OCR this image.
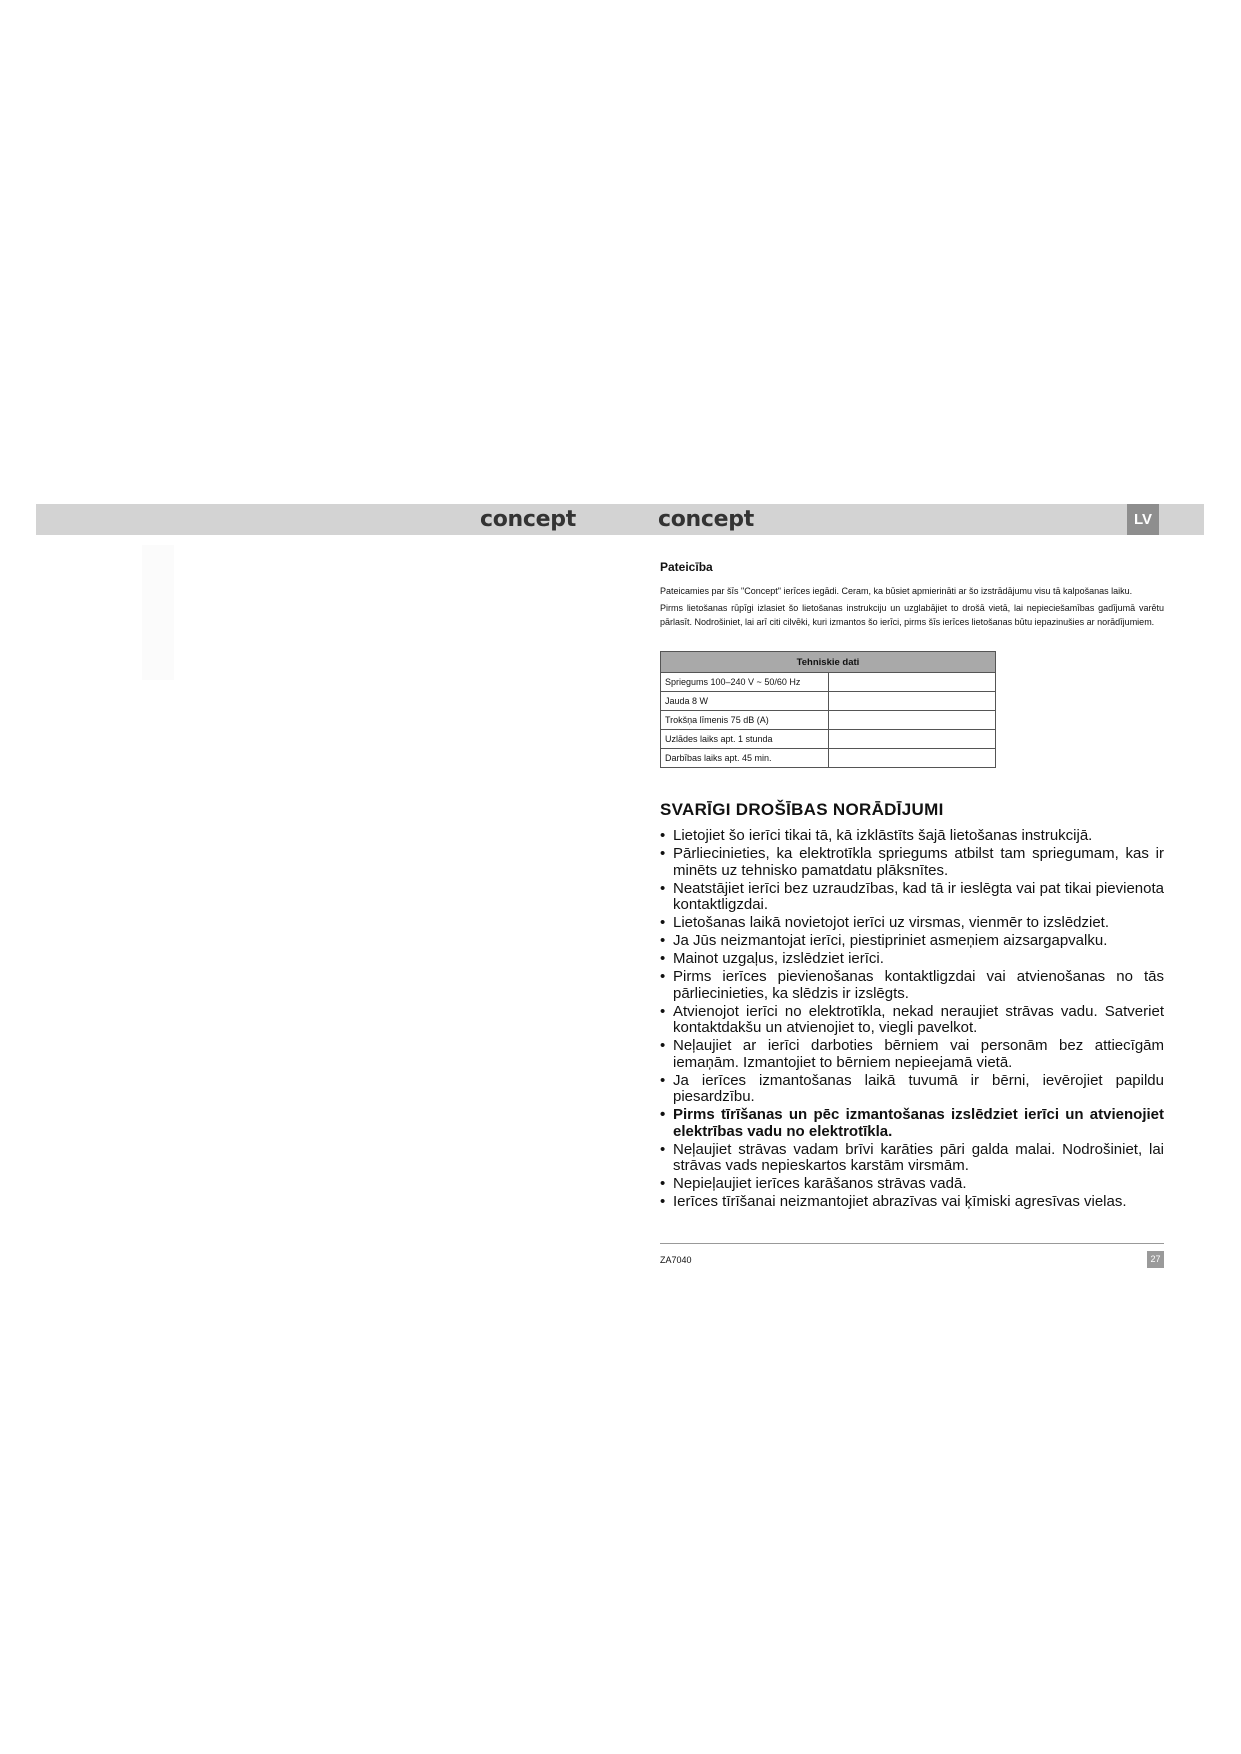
concept	concept	LV
Pateicība

Pateicamies par šīs "Concept" ierīces iegādi. Ceram, ka būsiet apmierināti ar šo izstrādājumu visu tā kalpošanas laiku.

Pirms lietošanas rūpīgi izlasiet šo lietošanas instrukciju un uzglabājiet to drošā vietā, lai nepieciešamības gadījumā varētu pārlasīt. Nodrošiniet, lai arī citi cilvēki, kuri izmantos šo ierīci, pirms šīs ierīces lietošanas būtu iepazinušies ar norādījumiem.

Tehniskie dati	
Spriegums 100–240 V ~ 50/60 Hz	
Jauda 8 W	
Trokšņa līmenis 75 dB (A)	
Uzlādes laiks apt. 1 stunda	
Darbības laiks apt. 45 min.	
SVARĪGI DROŠĪBAS NORĀDĪJUMI
• Lietojiet šo ierīci tikai tā, kā izklāstīts šajā lietošanas instrukcijā.
• Pārliecinieties, ka elektrotīkla spriegums atbilst tam spriegumam, kas ir minēts uz tehnisko pamatdatu plāksnītes.
• Neatstājiet ierīci bez uzraudzības, kad tā ir ieslēgta vai pat tikai pievienota kontaktligzdai.
• Lietošanas laikā novietojot ierīci uz virsmas, vienmēr to izslēdziet.
• Ja Jūs neizmantojat ierīci, piestipriniet asmeņiem aizsargapvalku.
• Mainot uzgaļus, izslēdziet ierīci.
• Pirms ierīces pievienošanas kontaktligzdai vai atvienošanas no tās pārliecinieties, ka slēdzis ir izslēgts.
• Atvienojot ierīci no elektrotīkla, nekad neraujiet strāvas vadu. Satveriet kontaktdakšu un atvienojiet to, viegli pavelkot.
• Neļaujiet ar ierīci darboties bērniem vai personām bez attiecīgām iemaņām. Izmantojiet to bērniem nepieejamā vietā.
• Ja ierīces izmantošanas laikā tuvumā ir bērni, ievērojiet papildu piesardzību.
• Pirms tīrīšanas un pēc izmantošanas izslēdziet ierīci un atvienojiet elektrības vadu no elektrotīkla.
• Neļaujiet strāvas vadam brīvi karāties pāri galda malai. Nodrošiniet, lai strāvas vads nepieskartos karstām virsmām.
• Nepieļaujiet ierīces karāšanos strāvas vadā.
• Ierīces tīrīšanai neizmantojiet abrazīvas vai ķīmiski agresīvas vielas.
ZA7040	27
